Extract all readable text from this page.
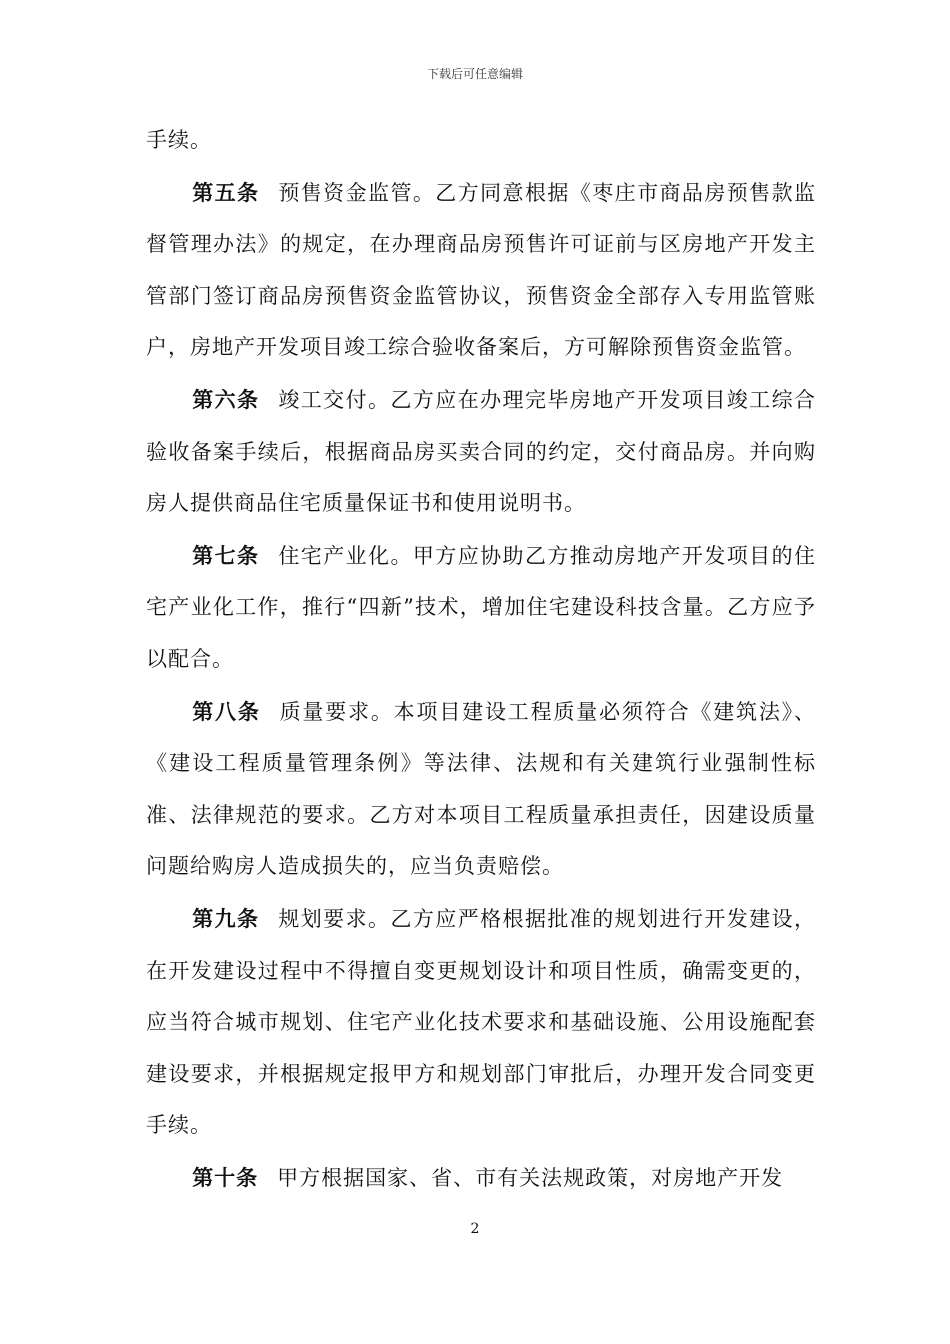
下载后可任意编辑

手续。

第五条 预售资金监管。乙方同意根据《枣庄市商品房预售款监督管理办法》的规定，在办理商品房预售许可证前与区房地产开发主管部门签订商品房预售资金监管协议，预售资金全部存入专用监管账户，房地产开发项目竣工综合验收备案后，方可解除预售资金监管。

第六条 竣工交付。乙方应在办理完毕房地产开发项目竣工综合验收备案手续后，根据商品房买卖合同的约定，交付商品房。并向购房人提供商品住宅质量保证书和使用说明书。

第七条 住宅产业化。甲方应协助乙方推动房地产开发项目的住宅产业化工作，推行“四新”技术，增加住宅建设科技含量。乙方应予以配合。

第八条 质量要求。本项目建设工程质量必须符合《建筑法》、《建设工程质量管理条例》等法律、法规和有关建筑行业强制性标准、法律规范的要求。乙方对本项目工程质量承担责任，因建设质量问题给购房人造成损失的，应当负责赔偿。

第九条 规划要求。乙方应严格根据批准的规划进行开发建设，在开发建设过程中不得擅自变更规划设计和项目性质，确需变更的，应当符合城市规划、住宅产业化技术要求和基础设施、公用设施配套建设要求，并根据规定报甲方和规划部门审批后，办理开发合同变更手续。

第十条 甲方根据国家、省、市有关法规政策，对房地产开发

2
